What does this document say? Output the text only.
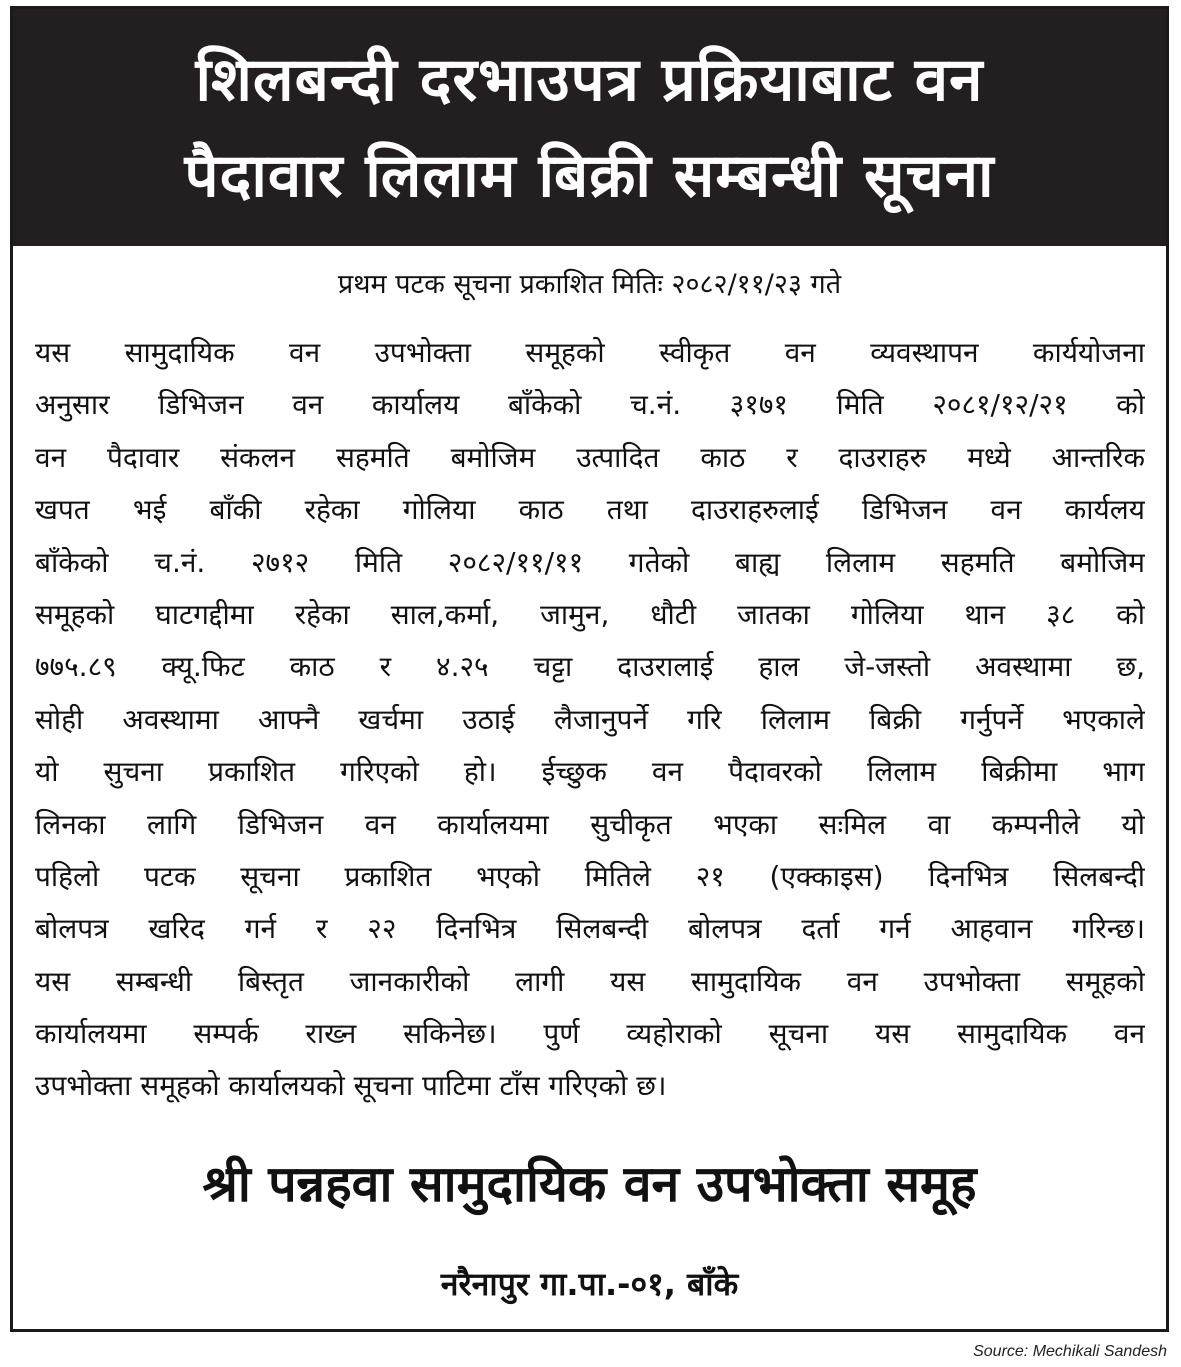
शिलबन्दी दरभाउपत्र प्रक्रियाबाट वन
पैदावार लिलाम बिक्री सम्बन्धी सूचना
प्रथम पटक सूचना प्रकाशित मितिः २०८२/११/२३ गते
यस सामुदायिक वन उपभोक्ता समूहको स्वीकृत वन व्यवस्थापन कार्ययोजना
अनुसार डिभिजन वन कार्यालय बाँकेको च.नं. ३१७१ मिति २०८१/१२/२१ को
वन पैदावार संकलन सहमति बमोजिम उत्पादित काठ र दाउराहरु मध्ये आन्तरिक
खपत भई बाँकी रहेका गोलिया काठ तथा दाउराहरुलाई डिभिजन वन कार्यलय
बाँकेको च.नं. २७१२ मिति २०८२/११/११ गतेको बाह्य लिलाम सहमति बमोजिम
समूहको घाटगद्दीमा रहेका साल,कर्मा, जामुन, धौटी जातका गोलिया थान ३८ को
७७५.८९ क्यू.फिट काठ र ४.२५ चट्टा दाउरालाई हाल जे-जस्तो अवस्थामा छ,
सोही अवस्थामा आफ्नै खर्चमा उठाई लैजानुपर्ने गरि लिलाम बिक्री गर्नुपर्ने भएकाले
यो सुचना प्रकाशित गरिएको हो। ईच्छुक वन पैदावरको लिलाम बिक्रीमा भाग
लिनका लागि डिभिजन वन कार्यालयमा सुचीकृत भएका सःमिल वा कम्पनीले यो
पहिलो पटक सूचना प्रकाशित भएको मितिले २१ (एक्काइस) दिनभित्र सिलबन्दी
बोलपत्र खरिद गर्न र २२ दिनभित्र सिलबन्दी बोलपत्र दर्ता गर्न आहवान गरिन्छ।
यस सम्बन्धी बिस्तृत जानकारीको लागी यस सामुदायिक वन उपभोक्ता समूहको
कार्यालयमा सम्पर्क राख्न सकिनेछ। पुर्ण व्यहोराको सूचना यस सामुदायिक वन
उपभोक्ता समूहको कार्यालयको सूचना पाटिमा टाँस गरिएको छ।
श्री पन्नहवा सामुदायिक वन उपभोक्ता समूह
नरैनापुर गा.पा.-०१, बाँके
Source: Mechikali Sandesh
